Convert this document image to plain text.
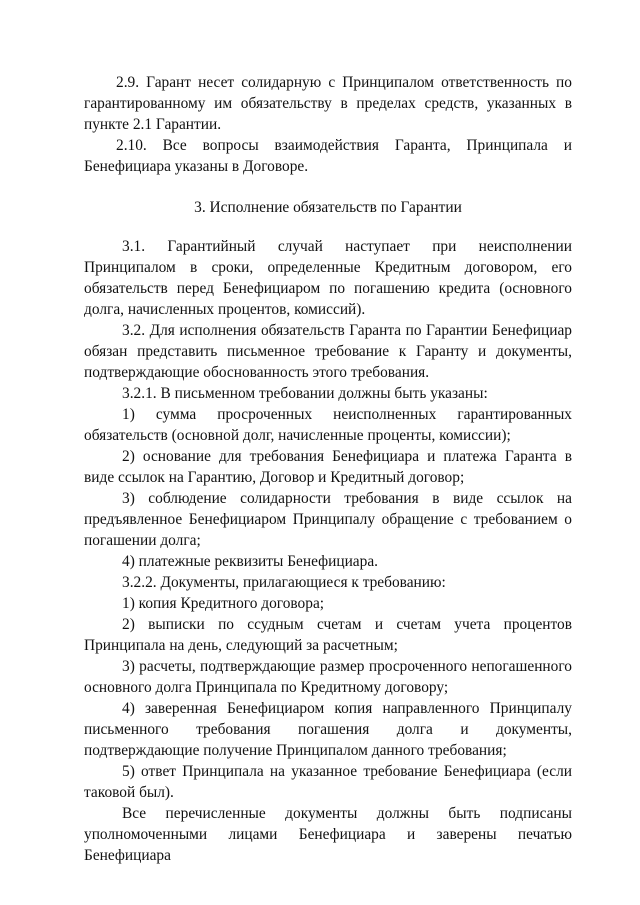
2.9. Гарант несет солидарную с Принципалом ответственность по гарантированному им обязательству в пределах средств, указанных в пункте 2.1 Гарантии.

2.10. Все вопросы взаимодействия Гаранта, Принципала и Бенефициара указаны в Договоре.

3. Исполнение обязательств по Гарантии

3.1. Гарантийный случай наступает при неисполнении Принципалом в сроки, определенные Кредитным договором, его обязательств перед Бенефициаром по погашению кредита (основного долга, начисленных процентов, комиссий).

3.2. Для исполнения обязательств Гаранта по Гарантии Бенефициар обязан представить письменное требование к Гаранту и документы, подтверждающие обоснованность этого требования.

3.2.1. В письменном требовании должны быть указаны:

1) сумма просроченных неисполненных гарантированных обязательств (основной долг, начисленные проценты, комиссии);

2) основание для требования Бенефициара и платежа Гаранта в виде ссылок на Гарантию, Договор и Кредитный договор;

3) соблюдение солидарности требования в виде ссылок на предъявленное Бенефициаром Принципалу обращение с требованием о погашении долга;

4) платежные реквизиты Бенефициара.

3.2.2. Документы, прилагающиеся к требованию:

1) копия Кредитного договора;

2) выписки по ссудным счетам и счетам учета процентов Принципала на день, следующий за расчетным;

3) расчеты, подтверждающие размер просроченного непогашенного основного долга Принципала по Кредитному договору;

4) заверенная Бенефициаром копия направленного Принципалу письменного требования погашения долга и документы, подтверждающие получение Принципалом данного требования;

5) ответ Принципала на указанное требование Бенефициара (если таковой был).

Все перечисленные документы должны быть подписаны уполномоченными лицами Бенефициара и заверены печатью Бенефициара
